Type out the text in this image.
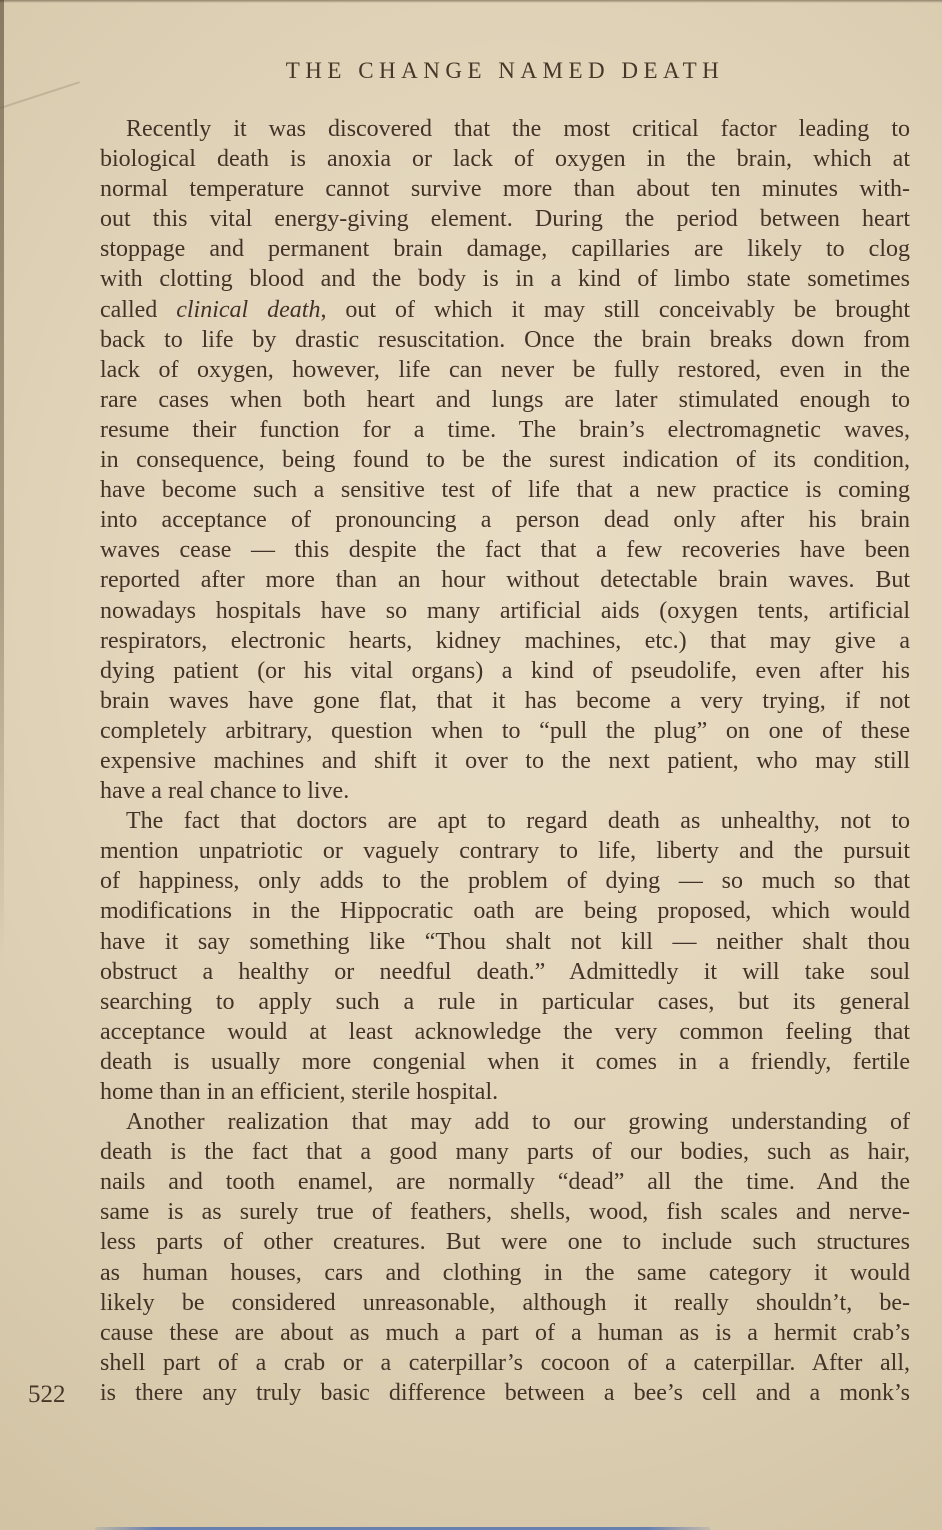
THE CHANGE NAMED DEATH
Recently it was discovered that the most critical factor leading to
biological death is anoxia or lack of oxygen in the brain, which at
normal temperature cannot survive more than about ten minutes with-
out this vital energy-giving element. During the period between heart
stoppage and permanent brain damage, capillaries are likely to clog
with clotting blood and the body is in a kind of limbo state sometimes
called clinical death, out of which it may still conceivably be brought
back to life by drastic resuscitation. Once the brain breaks down from
lack of oxygen, however, life can never be fully restored, even in the
rare cases when both heart and lungs are later stimulated enough to
resume their function for a time. The brain’s electromagnetic waves,
in consequence, being found to be the surest indication of its condition,
have become such a sensitive test of life that a new practice is coming
into acceptance of pronouncing a person dead only after his brain
waves cease — this despite the fact that a few recoveries have been
reported after more than an hour without detectable brain waves. But
nowadays hospitals have so many artificial aids (oxygen tents, artificial
respirators, electronic hearts, kidney machines, etc.) that may give a
dying patient (or his vital organs) a kind of pseudolife, even after his
brain waves have gone flat, that it has become a very trying, if not
completely arbitrary, question when to “pull the plug” on one of these
expensive machines and shift it over to the next patient, who may still
have a real chance to live.
The fact that doctors are apt to regard death as unhealthy, not to
mention unpatriotic or vaguely contrary to life, liberty and the pursuit
of happiness, only adds to the problem of dying — so much so that
modifications in the Hippocratic oath are being proposed, which would
have it say something like “Thou shalt not kill — neither shalt thou
obstruct a healthy or needful death.” Admittedly it will take soul
searching to apply such a rule in particular cases, but its general
acceptance would at least acknowledge the very common feeling that
death is usually more congenial when it comes in a friendly, fertile
home than in an efficient, sterile hospital.
Another realization that may add to our growing understanding of
death is the fact that a good many parts of our bodies, such as hair,
nails and tooth enamel, are normally “dead” all the time. And the
same is as surely true of feathers, shells, wood, fish scales and nerve-
less parts of other creatures. But were one to include such structures
as human houses, cars and clothing in the same category it would
likely be considered unreasonable, although it really shouldn’t, be-
cause these are about as much a part of a human as is a hermit crab’s
shell part of a crab or a caterpillar’s cocoon of a caterpillar. After all,
is there any truly basic difference between a bee’s cell and a monk’s
522
